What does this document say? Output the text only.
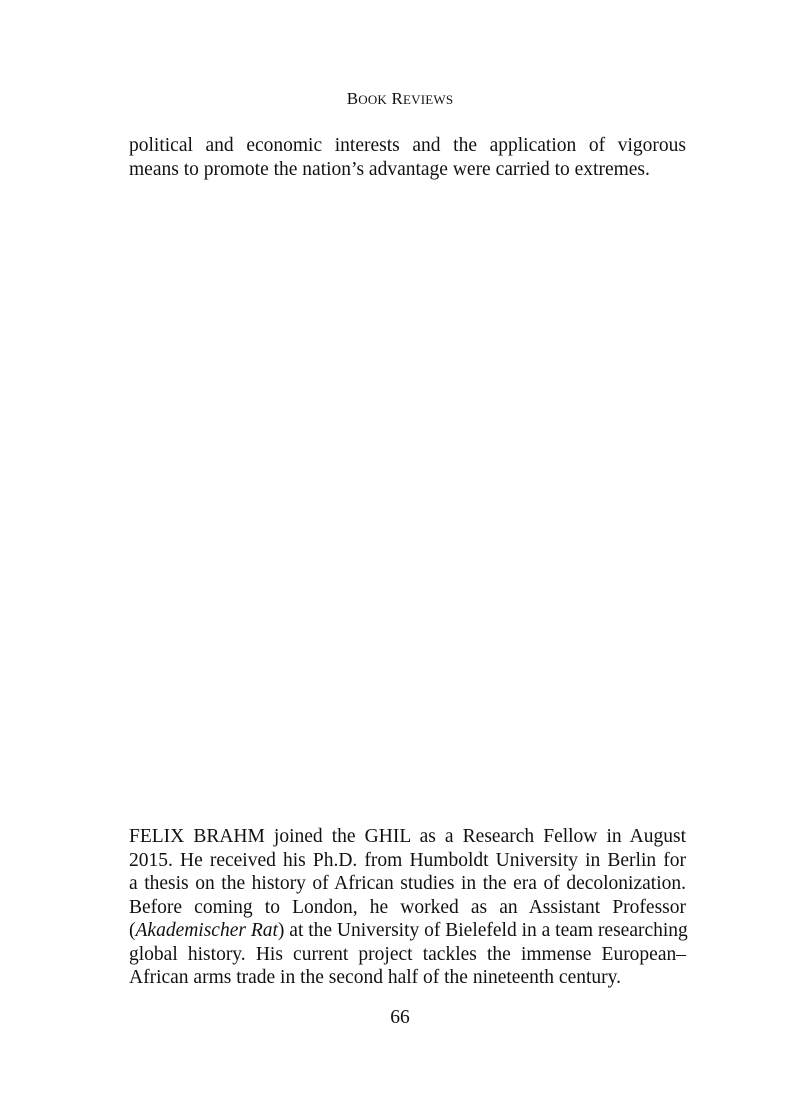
BOOK REVIEWS
political and economic interests and the application of vigorous
means to promote the nation’s advantage were carried to extremes.
FELIX BRAHM joined the GHIL as a Research Fellow in August
2015. He received his Ph.D. from Humboldt University in Berlin for
a thesis on the history of African studies in the era of decolonization.
Before coming to London, he worked as an Assistant Professor
(Akademischer Rat) at the University of Bielefeld in a team researching
global history. His current project tackles the immense European–
African arms trade in the second half of the nineteenth century.
66
